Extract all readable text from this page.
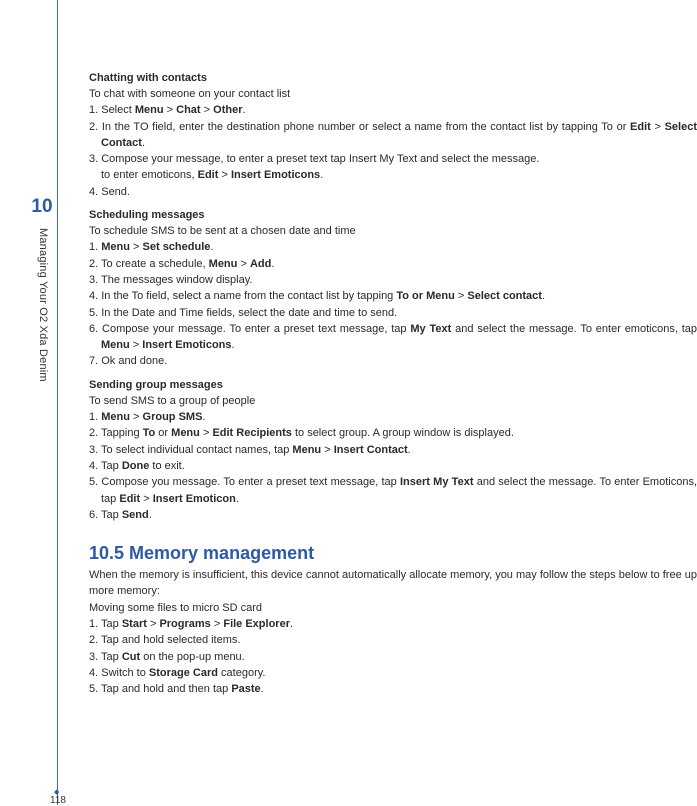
10
Managing Your O2 Xda Denim
◆
118
Chatting with contacts
To chat with someone on your contact list
1. Select Menu > Chat > Other.
2. In the TO field, enter the destination phone number or select a name from the contact list by tapping To or Edit > Select Contact.
3. Compose your message, to enter a preset text tap Insert My Text and select the message.
to enter emoticons, Edit > Insert Emoticons.
4. Send.
Scheduling messages
To schedule SMS to be sent at a chosen date and time
1. Menu > Set schedule.
2. To create a schedule, Menu > Add.
3. The messages window display.
4. In the To field, select a name from the contact list by tapping To or Menu > Select contact.
5. In the Date and Time fields, select the date and time to send.
6. Compose your message. To enter a preset text message, tap My Text and select the message. To enter emoticons, tap Menu > Insert Emoticons.
7. Ok and done.
Sending group messages
To send SMS to a group of people
1. Menu > Group SMS.
2. Tapping To or Menu > Edit Recipients to select group. A group window is displayed.
3. To select individual contact names, tap Menu > Insert Contact.
4. Tap Done to exit.
5. Compose you message. To enter a preset text message, tap Insert My Text and select the message. To enter Emoticons, tap Edit > Insert Emoticon.
6. Tap Send.
10.5 Memory management
When the memory is insufficient, this device cannot automatically allocate memory, you may follow the steps below to free up more memory:
Moving some files to micro SD card
1. Tap Start > Programs > File Explorer.
2. Tap and hold selected items.
3. Tap Cut on the pop-up menu.
4. Switch to Storage Card category.
5. Tap and hold and then tap Paste.
